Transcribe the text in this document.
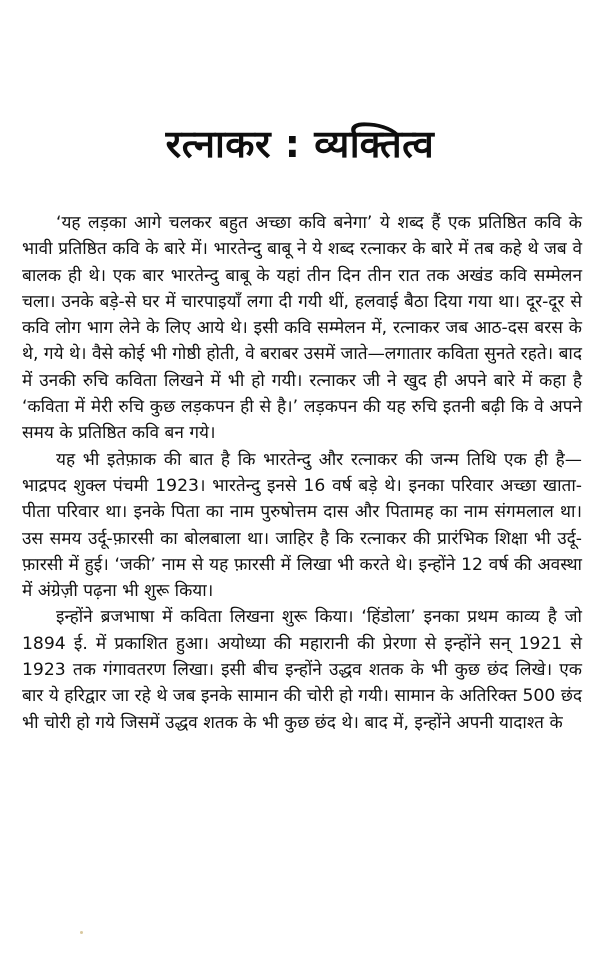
रत्नाकर : व्यक्तित्व

‘यह लड़का आगे चलकर बहुत अच्छा कवि बनेगा’ ये शब्द हैं एक प्रतिष्ठित कवि के भावी प्रतिष्ठित कवि के बारे में। भारतेन्दु बाबू ने ये शब्द रत्नाकर के बारे में तब कहे थे जब वे बालक ही थे। एक बार भारतेन्दु बाबू के यहां तीन दिन तीन रात तक अखंड कवि सम्मेलन चला। उनके बड़े-से घर में चारपाइयाँ लगा दी गयी थीं, हलवाई बैठा दिया गया था। दूर-दूर से कवि लोग भाग लेने के लिए आये थे। इसी कवि सम्मेलन में, रत्नाकर जब आठ-दस बरस के थे, गये थे। वैसे कोई भी गोष्ठी होती, वे बराबर उसमें जाते—लगातार कविता सुनते रहते। बाद में उनकी रुचि कविता लिखने में भी हो गयी। रत्नाकर जी ने खुद ही अपने बारे में कहा है ‘कविता में मेरी रुचि कुछ लड़कपन ही से है।’ लड़कपन की यह रुचि इतनी बढ़ी कि वे अपने समय के प्रतिष्ठित कवि बन गये।

यह भी इतेफ़ाक की बात है कि भारतेन्दु और रत्नाकर की जन्म तिथि एक ही है—भाद्रपद शुक्ल पंचमी 1923। भारतेन्दु इनसे 16 वर्ष बड़े थे। इनका परिवार अच्छा खाता-पीता परिवार था। इनके पिता का नाम पुरुषोत्तम दास और पितामह का नाम संगमलाल था। उस समय उर्दू-फ़ारसी का बोलबाला था। जाहिर है कि रत्नाकर की प्रारंभिक शिक्षा भी उर्दू-फ़ारसी में हुई। ‘जकी’ नाम से यह फ़ारसी में लिखा भी करते थे। इन्होंने 12 वर्ष की अवस्था में अंग्रेज़ी पढ़ना भी शुरू किया।

इन्होंने ब्रजभाषा में कविता लिखना शुरू किया। ‘हिंडोला’ इनका प्रथम काव्य है जो 1894 ई. में प्रकाशित हुआ। अयोध्या की महारानी की प्रेरणा से इन्होंने सन् 1921 से 1923 तक गंगावतरण लिखा। इसी बीच इन्होंने उद्धव शतक के भी कुछ छंद लिखे। एक बार ये हरिद्वार जा रहे थे जब इनके सामान की चोरी हो गयी। सामान के अतिरिक्त 500 छंद भी चोरी हो गये जिसमें उद्धव शतक के भी कुछ छंद थे। बाद में, इन्होंने अपनी यादाश्त के
